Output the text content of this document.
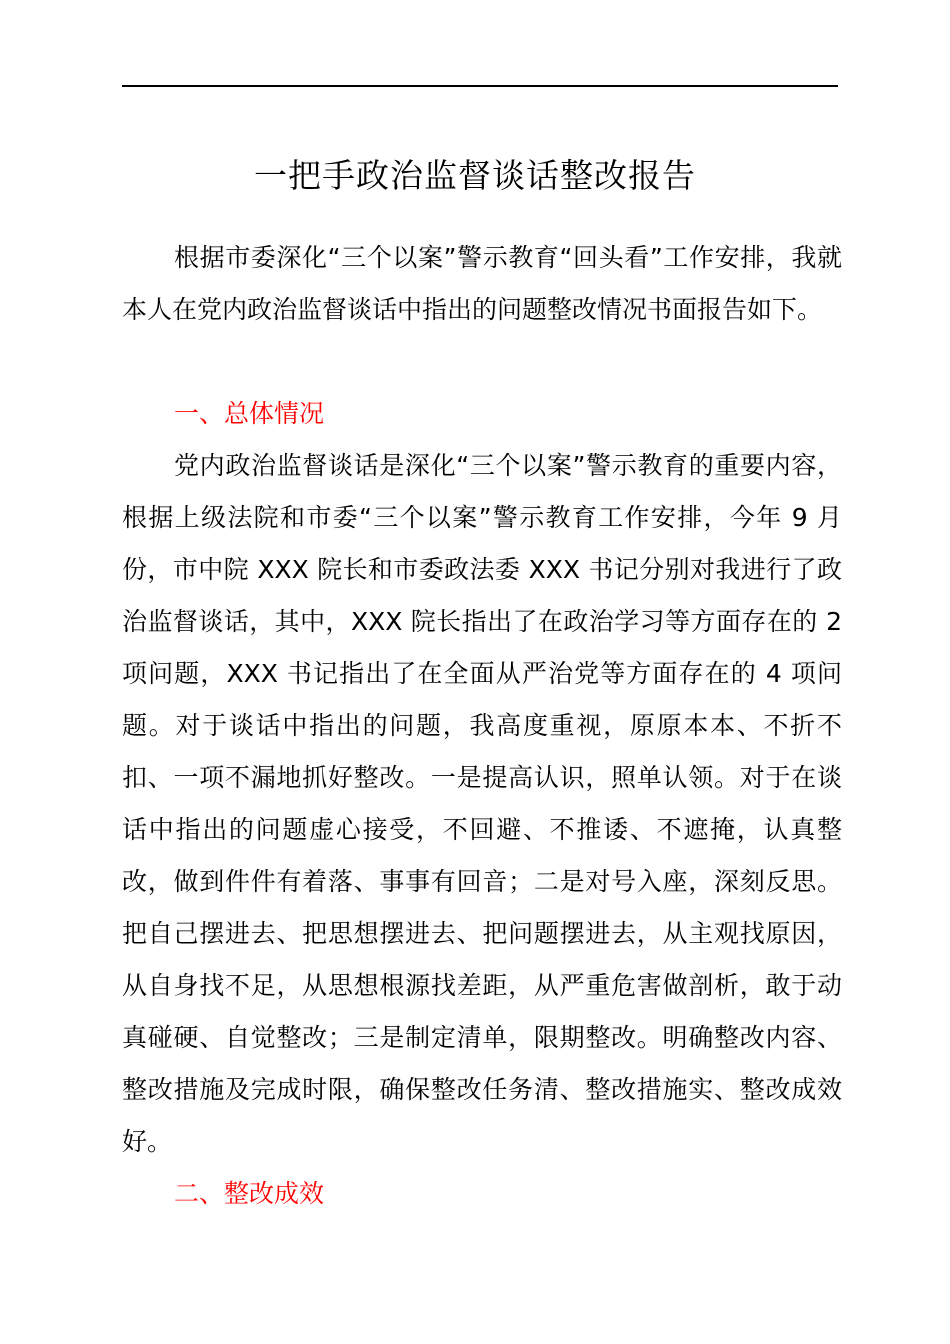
一把手政治监督谈话整改报告

根据市委深化“三个以案”警示教育“回头看”工作安排，我就本人在党内政治监督谈话中指出的问题整改情况书面报告如下。

一、总体情况

党内政治监督谈话是深化“三个以案”警示教育的重要内容，根据上级法院和市委“三个以案”警示教育工作安排，今年 9 月份，市中院 XXX 院长和市委政法委 XXX 书记分别对我进行了政治监督谈话，其中，XXX 院长指出了在政治学习等方面存在的 2 项问题，XXX 书记指出了在全面从严治党等方面存在的 4 项问题。对于谈话中指出的问题，我高度重视，原原本本、不折不扣、一项不漏地抓好整改。一是提高认识，照单认领。对于在谈话中指出的问题虚心接受，不回避、不推诿、不遮掩，认真整改，做到件件有着落、事事有回音；二是对号入座，深刻反思。把自己摆进去、把思想摆进去、把问题摆进去，从主观找原因，从自身找不足，从思想根源找差距，从严重危害做剖析，敢于动真碰硬、自觉整改；三是制定清单，限期整改。明确整改内容、整改措施及完成时限，确保整改任务清、整改措施实、整改成效好。

二、整改成效
